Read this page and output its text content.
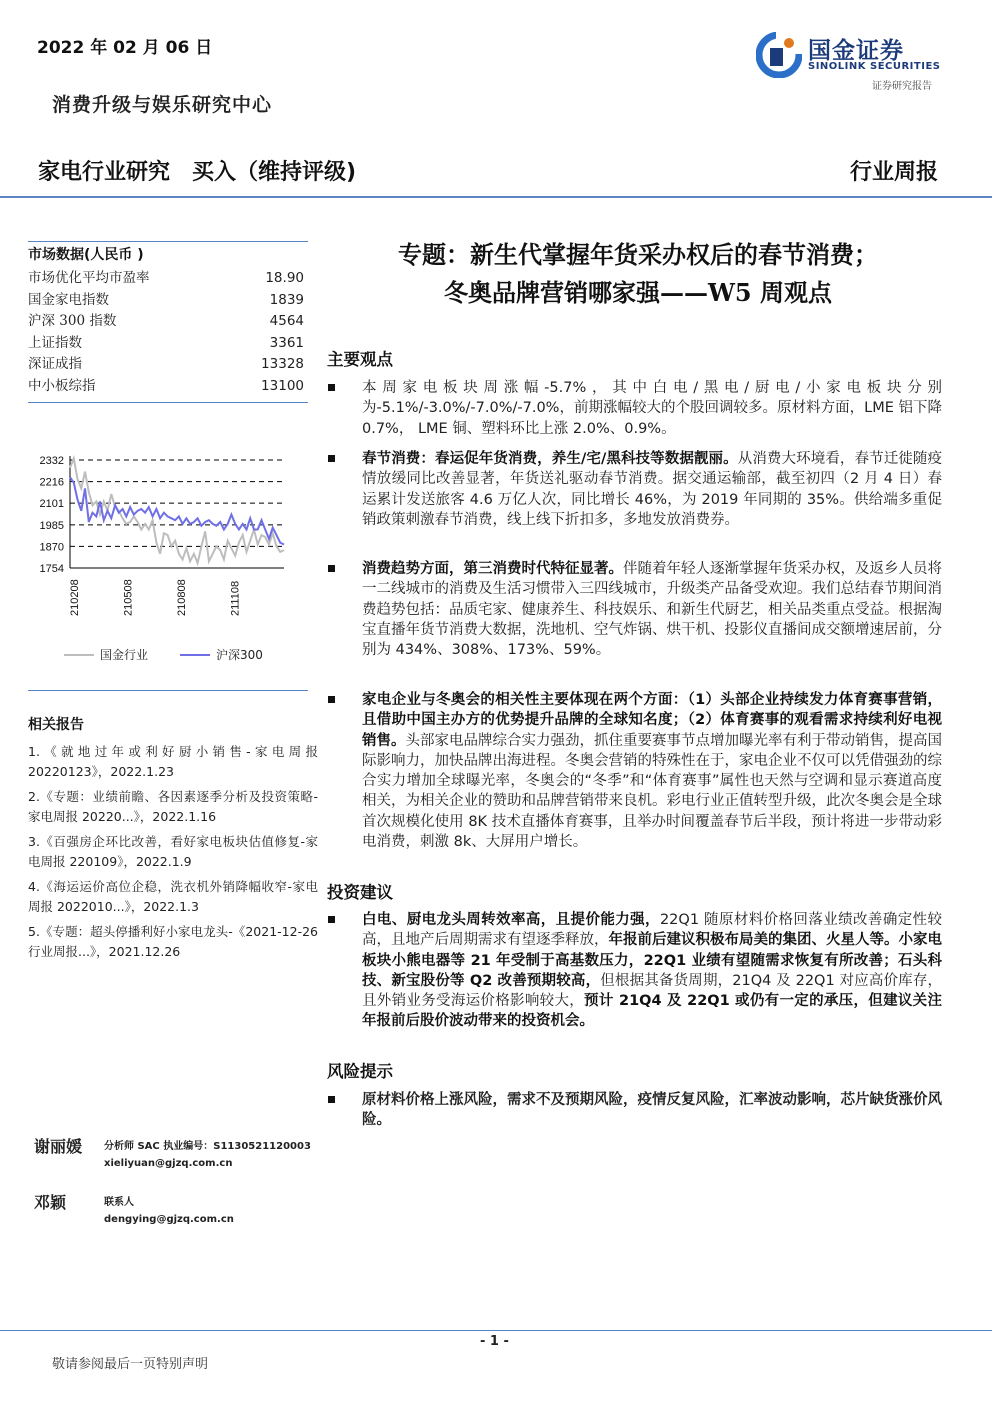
2022 年 02 月 06 日	国金证券
SINOLINK SECURITIES
证券研究报告
消费升级与娱乐研究中心
家电行业研究　买入（维持评级)	行业周报
市场数据(人民币 )
市场优化平均市盈率	18.90
国金家电指数	1839
沪深 300 指数	4564
上证指数	3361
深证成指	13328
中小板综指	13100
2332
2216
2101
1985
1870
1754
210208	210508	210808	211108
国金行业	沪深300
相关报告
1.《就地过年或利好厨小销售-家电周报 20220123》，2022.1.23
2.《专题：业绩前瞻、各因素逐季分析及投资策略-家电周报 20220...》，2022.1.16
3.《百强房企环比改善，看好家电板块估值修复-家电周报 220109》，2022.1.9
4.《海运运价高位企稳，洗衣机外销降幅收窄-家电周报 2022010...》，2022.1.3
5.《专题：超头停播利好小家电龙头-《2021-12-26 行业周报...》，2021.12.26
谢丽媛 分析师 SAC 执业编号：S1130521120003
xieliyuan@gjzq.com.cn
邓颖	联系人
dengying@gjzq.com.cn
专题：新生代掌握年货采办权后的春节消费；
冬奥品牌营销哪家强——W5 周观点
主要观点
本周家电板块周涨幅-5.7%，其中白电/黑电/厨电/小家电板块分别为-5.1%/-3.0%/-7.0%/-7.0%，前期涨幅较大的个股回调较多。原材料方面，LME 铝下降 0.7%， LME 铜、塑料环比上涨 2.0%、0.9%。
春节消费：春运促年货消费，养生/宅/黑科技等数据靓丽。从消费大环境看，春节迁徙随疫情放缓同比改善显著，年货送礼驱动春节消费。据交通运输部，截至初四（2 月 4 日）春运累计发送旅客 4.6 万亿人次，同比增长 46%，为 2019 年同期的 35%。供给端多重促销政策刺激春节消费，线上线下折扣多，多地发放消费券。
消费趋势方面，第三消费时代特征显著。伴随着年轻人逐渐掌握年货采办权，及返乡人员将一二线城市的消费及生活习惯带入三四线城市，升级类产品备受欢迎。我们总结春节期间消费趋势包括：品质宅家、健康养生、科技娱乐、和新生代厨艺，相关品类重点受益。根据淘宝直播年货节消费大数据，洗地机、空气炸锅、烘干机、投影仪直播间成交额增速居前，分别为 434%、308%、173%、59%。
家电企业与冬奥会的相关性主要体现在两个方面：（1）头部企业持续发力体育赛事营销，且借助中国主办方的优势提升品牌的全球知名度；（2）体育赛事的观看需求持续利好电视销售。头部家电品牌综合实力强劲，抓住重要赛事节点增加曝光率有利于带动销售，提高国际影响力，加快品牌出海进程。冬奥会营销的特殊性在于，家电企业不仅可以凭借强劲的综合实力增加全球曝光率，冬奥会的“冬季”和“体育赛事”属性也天然与空调和显示赛道高度相关，为相关企业的赞助和品牌营销带来良机。彩电行业正值转型升级，此次冬奥会是全球首次规模化使用 8K 技术直播体育赛事，且举办时间覆盖春节后半段，预计将进一步带动彩电消费，刺激 8k、大屏用户增长。
投资建议
白电、厨电龙头周转效率高，且提价能力强，22Q1 随原材料价格回落业绩改善确定性较高，且地产后周期需求有望逐季释放，年报前后建议积极布局美的集团、火星人等。小家电板块小熊电器等 21 年受制于高基数压力，22Q1 业绩有望随需求恢复有所改善；石头科技、新宝股份等 Q2 改善预期较高，但根据其备货周期，21Q4 及 22Q1 对应高价库存，且外销业务受海运价格影响较大，预计 21Q4 及 22Q1 或仍有一定的承压，但建议关注年报前后股价波动带来的投资机会。
风险提示
原材料价格上涨风险，需求不及预期风险，疫情反复风险，汇率波动影响，芯片缺货涨价风险。
- 1 -
敬请参阅最后一页特别声明
